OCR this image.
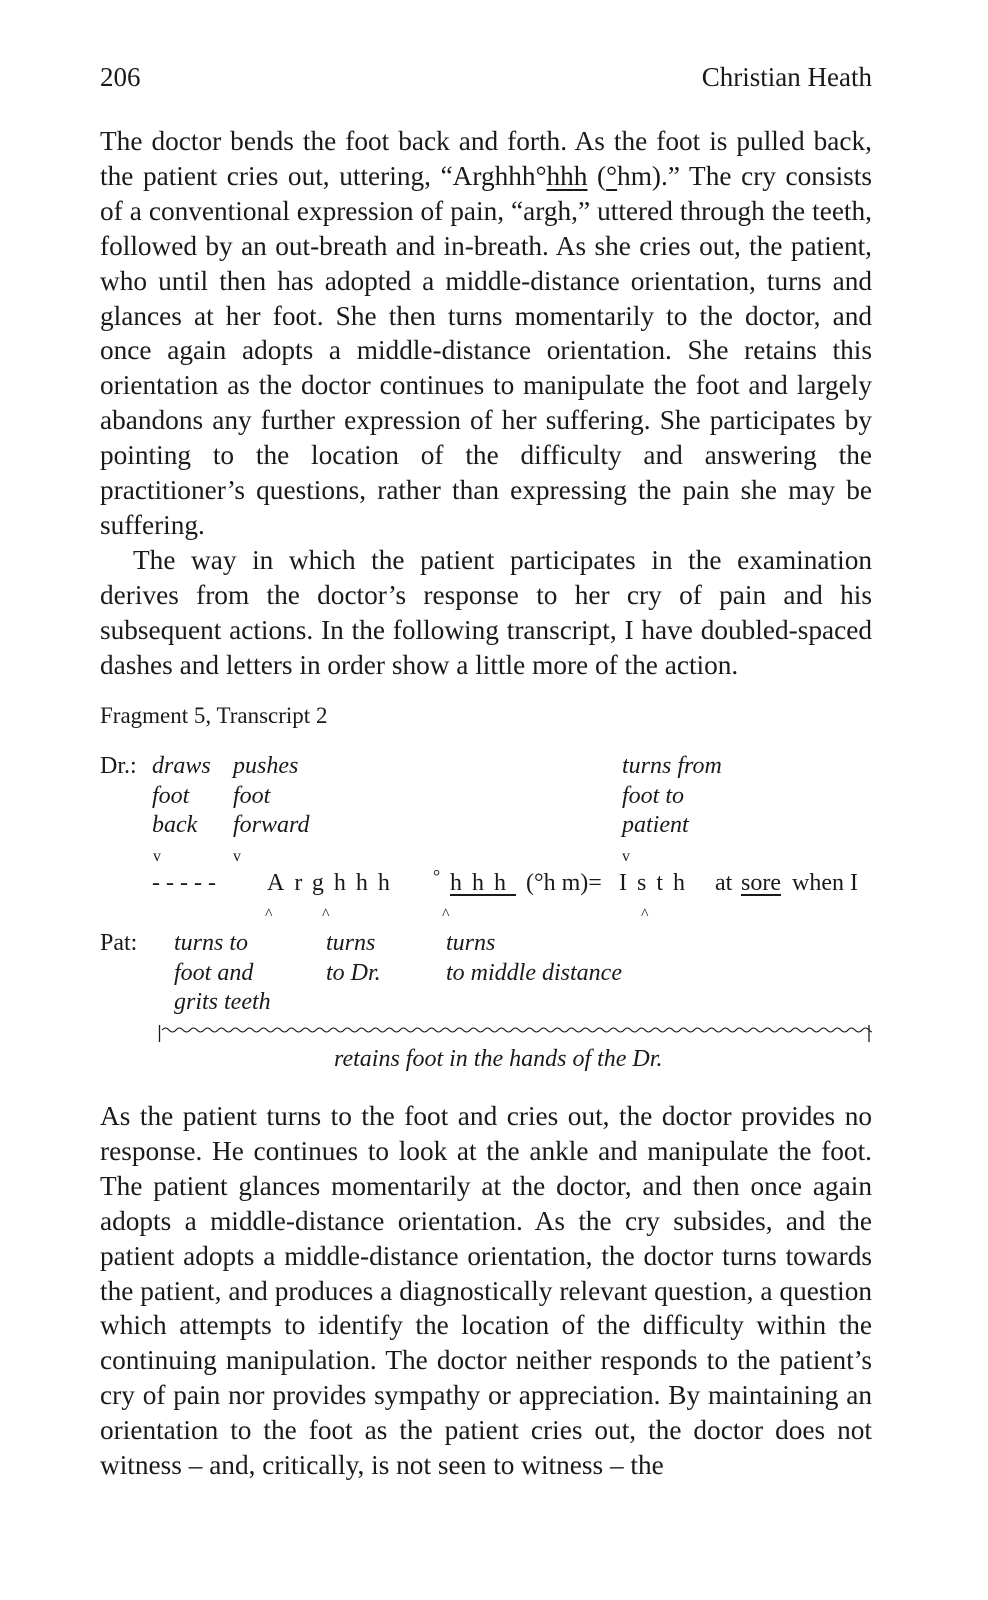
206	Christian Heath

The doctor bends the foot back and forth. As the foot is pulled back, the patient cries out, uttering, “Arghhh°hhh (°hm).” The cry consists of a conventional expression of pain, “argh,” uttered through the teeth, followed by an out-breath and in-breath. As she cries out, the patient, who until then has adopted a middle-distance orientation, turns and glances at her foot. She then turns momentarily to the doctor, and once again adopts a middle-distance orientation. She retains this orientation as the doctor continues to manipulate the foot and largely abandons any further expression of her suffering. She participates by pointing to the location of the difficulty and answering the practitioner’s questions, rather than expressing the pain she may be suffering.

The way in which the patient participates in the examination derives from the doctor’s response to her cry of pain and his subsequent actions. In the following transcript, I have doubled-spaced dashes and letters in order show a little more of the action.

Fragment 5, Transcript 2
Dr.: draws
foot
back
pushes
foot
forward
turns from
foot to
patient
v	v	v
- - - - - Arghhh ° hhh (°h m)= Isth at sore when I
^	^	^	^
Pat: turns to
foot and
grits teeth
turns
to Dr.
turns
to middle distance
retains foot in the hands of the Dr.

As the patient turns to the foot and cries out, the doctor provides no response. He continues to look at the ankle and manipulate the foot. The patient glances momentarily at the doctor, and then once again adopts a middle-distance orientation. As the cry subsides, and the patient adopts a middle-distance orientation, the doctor turns towards the patient, and produces a diagnostically relevant question, a question which attempts to identify the location of the difficulty within the continuing manipulation. The doctor neither responds to the patient’s cry of pain nor provides sympathy or appreciation. By maintaining an orientation to the foot as the patient cries out, the doctor does not witness – and, critically, is not seen to witness – the
